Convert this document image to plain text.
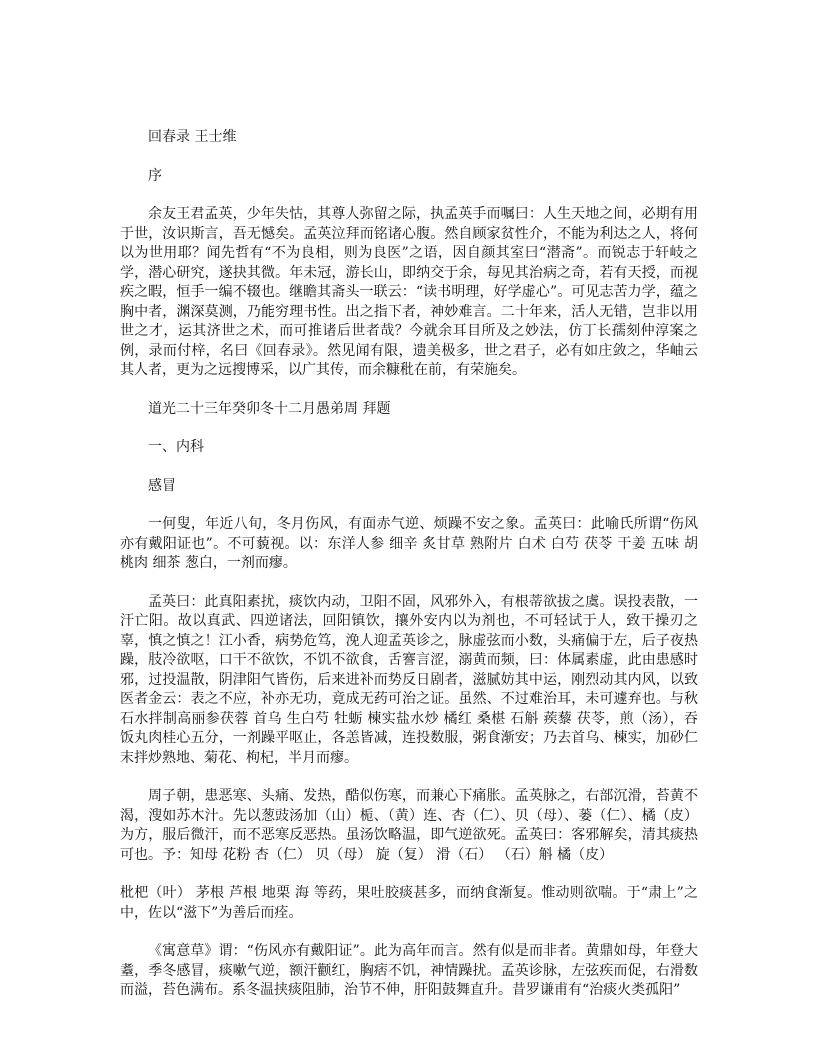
回春录 王士维

序

余友王君孟英，少年失怙，其尊人弥留之际，执孟英手而嘱曰：人生天地之间，必期有用于世，汝识斯言，吾无憾矣。孟英泣拜而铭诸心腹。然自顾家贫性介，不能为利达之人，将何以为世用耶？闻先哲有“不为良相，则为良医”之语，因自颜其室曰“潜斋”。而锐志于轩岐之学，潜心研究，遂抉其微。年未冠，游长山，即纳交于余，每见其治病之奇，若有天授，而视疾之暇，恒手一编不辍也。继瞻其斋头一联云：“读书明理，好学虚心”。可见志苦力学，蕴之胸中者，渊深莫测，乃能穷理书性。出之指下者，神妙难言。二十年来，活人无错，岂非以用世之才，运其济世之术，而可推诸后世者哉？今就余耳目所及之妙法，仿丁长孺刻仲淳案之例，录而付梓，名曰《回春录》。然见闻有限，遗美极多，世之君子，必有如庄敛之，华岫云其人者，更为之远搜博采，以广其传，而余糠秕在前，有荣施矣。

道光二十三年癸卯冬十二月愚弟周 拜题

一、内科

感冒

一何叟，年近八旬，冬月伤风，有面赤气逆、烦躁不安之象。孟英曰：此喻氏所谓“伤风亦有戴阳证也”。不可藐视。以：东洋人参 细辛 炙甘草 熟附片 白术 白芍 茯苓 干姜 五味 胡桃肉 细茶 葱白，一剂而瘳。

孟英曰：此真阳素扰，痰饮内动，卫阳不固，风邪外入，有根蒂欲拔之虞。误投表散，一汗亡阳。故以真武、四逆诸法，回阳镇饮，攘外安内以为剂也，不可轻试于人，致干操刃之辜，慎之慎之！江小香，病势危笃，浼人迎孟英诊之，脉虚弦而小数，头痛偏于左，后子夜热躁，肢冷欲呕，口干不欲饮，不饥不欲食，舌謇言涩，溺黄而频，曰：体属素虚，此由患感时邪，过投温散，阴津阳气皆伤，后来进补而势反日剧者，滋腻妨其中运，刚烈动其内风，以致医者金云：表之不应，补亦无功，竟成无药可治之证。虽然、不过难治耳，未可遽弃也。与秋石水拌制高丽参茯蓉 首乌 生白芍 牡蛎 楝实盐水炒 橘红 桑椹 石斛 蒺藜 茯苓，煎（汤），吞饭丸肉桂心五分，一剂躁平呕止，各恙皆减，连投数服，粥食渐安；乃去首乌、楝实，加砂仁末拌炒熟地、菊花、枸杞，半月而瘳。

周子朝，患恶寒、头痛、发热，酷似伤寒，而兼心下痛胀。孟英脉之，右部沉滑，苔黄不渴，溲如苏木汁。先以葱豉汤加（山）栀、（黄）连、杏（仁）、贝（母）、蒌（仁）、橘（皮）为方，服后微汗，而不恶寒反恶热。虽汤饮略温，即气逆欲死。孟英曰：客邪解矣，清其痰热可也。予：知母 花粉 杏（仁） 贝（母） 旋（复） 滑（石） （石）斛 橘（皮）

枇杷（叶） 茅根 芦根 地栗 海 等药，果吐胶痰甚多，而纳食渐复。惟动则欲喘。于“肃上”之中，佐以“滋下”为善后而痊。

《寓意草》谓：“伤风亦有戴阳证”。此为高年而言。然有似是而非者。黄鼎如母，年登大耋，季冬感冒，痰嗽气逆，额汗颧红，胸痞不饥，神情躁扰。孟英诊脉，左弦疾而促，右滑数而溢，苔色满布。系冬温挟痰阻肺，治节不伸，肝阳鼓舞直升。昔罗谦甫有“治痰火类孤阳”
